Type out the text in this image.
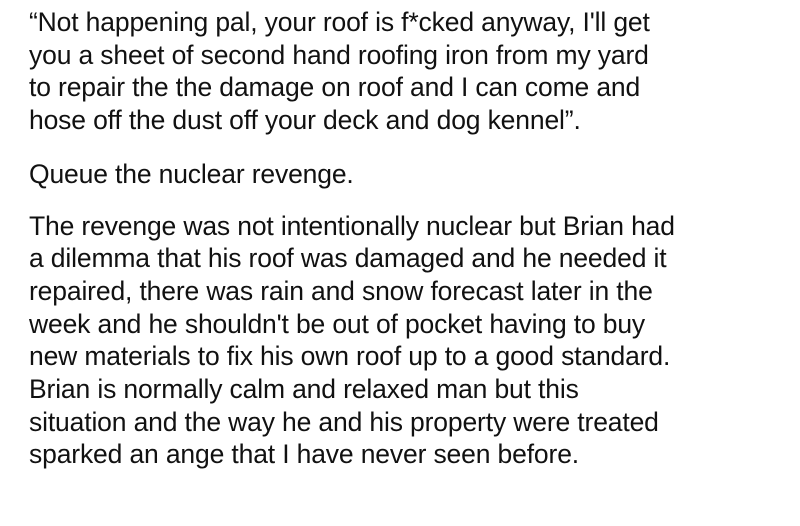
“Not happening pal, your roof is f*cked anyway, I'll get
you a sheet of second hand roofing iron from my yard
to repair the the damage on roof and I can come and
hose off the dust off your deck and dog kennel”.

Queue the nuclear revenge.

The revenge was not intentionally nuclear but Brian had
a dilemma that his roof was damaged and he needed it
repaired, there was rain and snow forecast later in the
week and he shouldn't be out of pocket having to buy
new materials to fix his own roof up to a good standard.
Brian is normally calm and relaxed man but this
situation and the way he and his property were treated
sparked an ange that I have never seen before.
